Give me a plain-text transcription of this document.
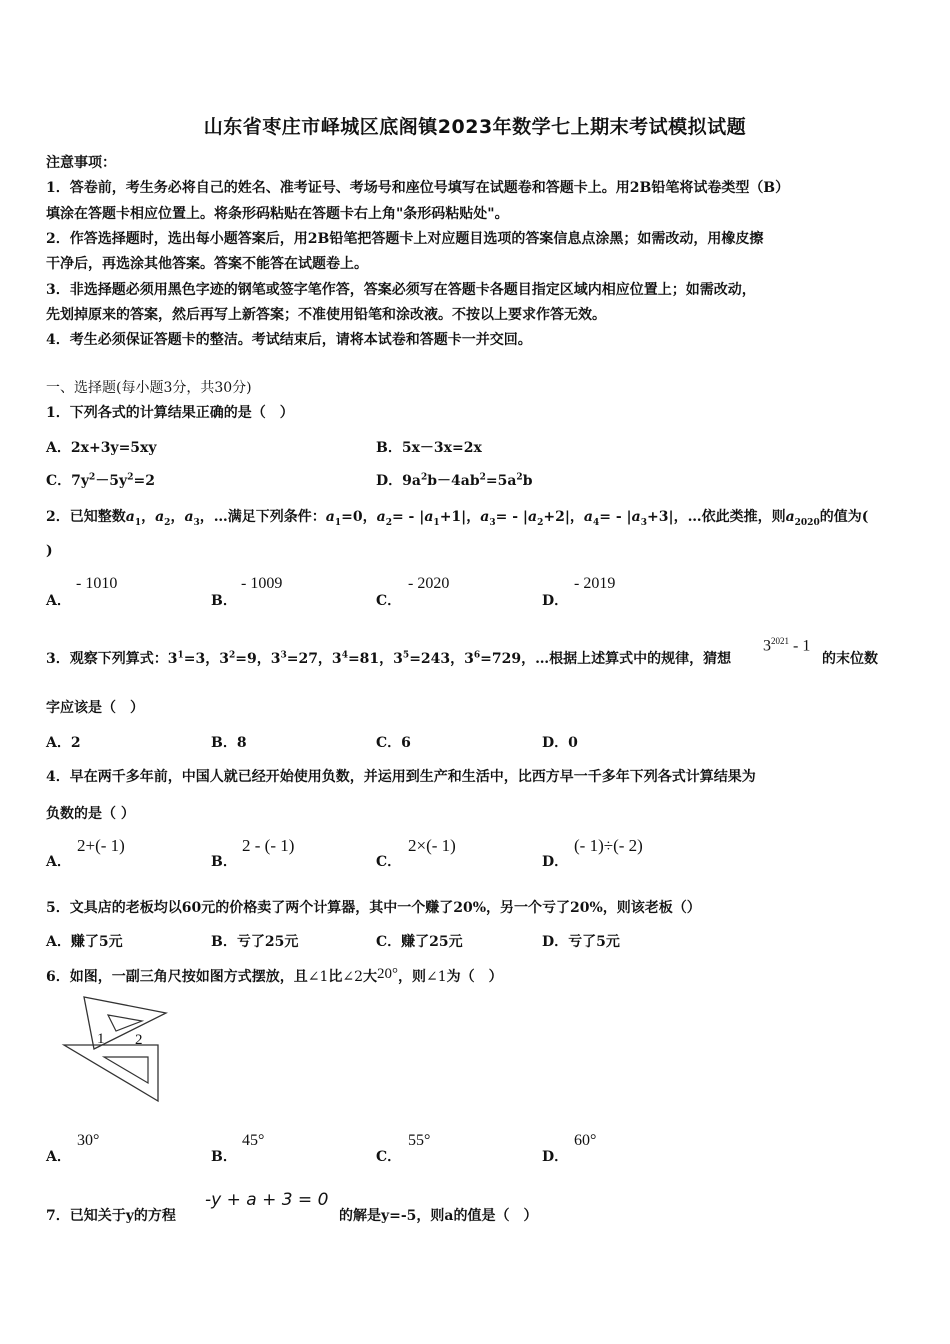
山东省枣庄市峄城区底阁镇2023年数学七上期末考试模拟试题
注意事项：
1．答卷前，考生务必将自己的姓名、准考证号、考场号和座位号填写在试题卷和答题卡上。用2B铅笔将试卷类型（B）
填涂在答题卡相应位置上。将条形码粘贴在答题卡右上角"条形码粘贴处"。
2．作答选择题时，选出每小题答案后，用2B铅笔把答题卡上对应题目选项的答案信息点涂黑；如需改动，用橡皮擦
干净后，再选涂其他答案。答案不能答在试题卷上。
3．非选择题必须用黑色字迹的钢笔或签字笔作答，答案必须写在答题卡各题目指定区域内相应位置上；如需改动，
先划掉原来的答案，然后再写上新答案；不准使用铅笔和涂改液。不按以上要求作答无效。
4．考生必须保证答题卡的整洁。考试结束后，请将本试卷和答题卡一并交回。
一、选择题(每小题3分，共30分)
1．下列各式的计算结果正确的是（　）
A．2x+3y=5xy	B．5x－3x=2x
C．$7y^2-5y^2=2$	D．$9a^2b-4ab^2=5a^2b$
2．已知整数$a_1$，$a_2$，$a_3$，…满足下列条件：$a_1=0$，$a_2= - |a_1+1|$，$a_3= - |a_2+2|$，$a_4= - |a_3+3|$，…依此类推，则$a_{2020}$的值为(
)
A．
- 1010
B．
- 1009
C．
- 2020
D．
- 2019
3．观察下列算式：$3^1=3$，$3^2=9$，$3^3=27$，$3^4=81$，$3^5=243$，$3^6=729$，…根据上述算式中的规律，猜想
$3^{2021} - 1$
的末位数
字应该是（　）
A．2	B．8	C．6	D．0
4．早在两千多年前，中国人就已经开始使用负数，并运用到生产和生活中，比西方早一千多年下列各式计算结果为
负数的是（ ）
A．
2+(- 1)
B．
2 - (- 1)
C．
2×(- 1)
D．
(- 1)÷(- 2)
5．文具店的老板均以60元的价格卖了两个计算器，其中一个赚了20%，另一个亏了20%，则该老板（）
A．赚了5元	B．亏了25元	C．赚了25元	D．亏了5元
6．如图，一副三角尺按如图方式摆放，且∠1比∠2大20°，则∠1为（　）
1 2
A．
30°
B．
45°
C．
55°
D．
60°
7．已知关于y的方程
-y + a + 3 = 0
的解是y=-5，则a的值是（　）
